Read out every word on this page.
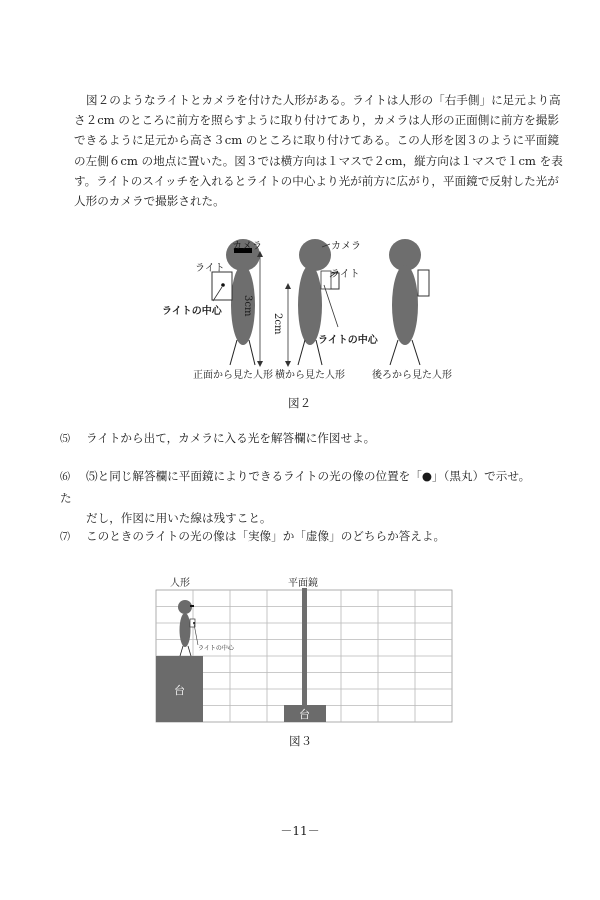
図２のようなライトとカメラを付けた人形がある。ライトは人形の「右手側」に足元より高
さ２cm のところに前方を照らすように取り付けてあり，カメラは人形の正面側に前方を撮影
できるように足元から高さ３cm のところに取り付けてある。この人形を図３のように平面鏡
の左側６cm の地点に置いた。図３では横方向は１マスで２cm，縦方向は１マスで１cm を表
す。ライトのスイッチを入れるとライトの中心より光が前方に広がり，平面鏡で反射した光が
人形のカメラで撮影された。

カメラ
ライト
ライトの中心 3cm
カメラ
ライト
2cm
ライトの中心
正面から見た人形 横から見た人形	後ろから見た人形
図２
⑸ ライトから出て，カメラに入る光を解答欄に作図せよ。
⑹ ⑸と同じ解答欄に平面鏡によりできるライトの光の像の位置を「●」（黒丸）で示せ。た
だし，作図に用いた線は残すこと。
⑺ このときのライトの光の像は「実像」か「虚像」のどちらか答えよ。
人形	平面鏡
ライトの中心
台
台
図３
－11－
